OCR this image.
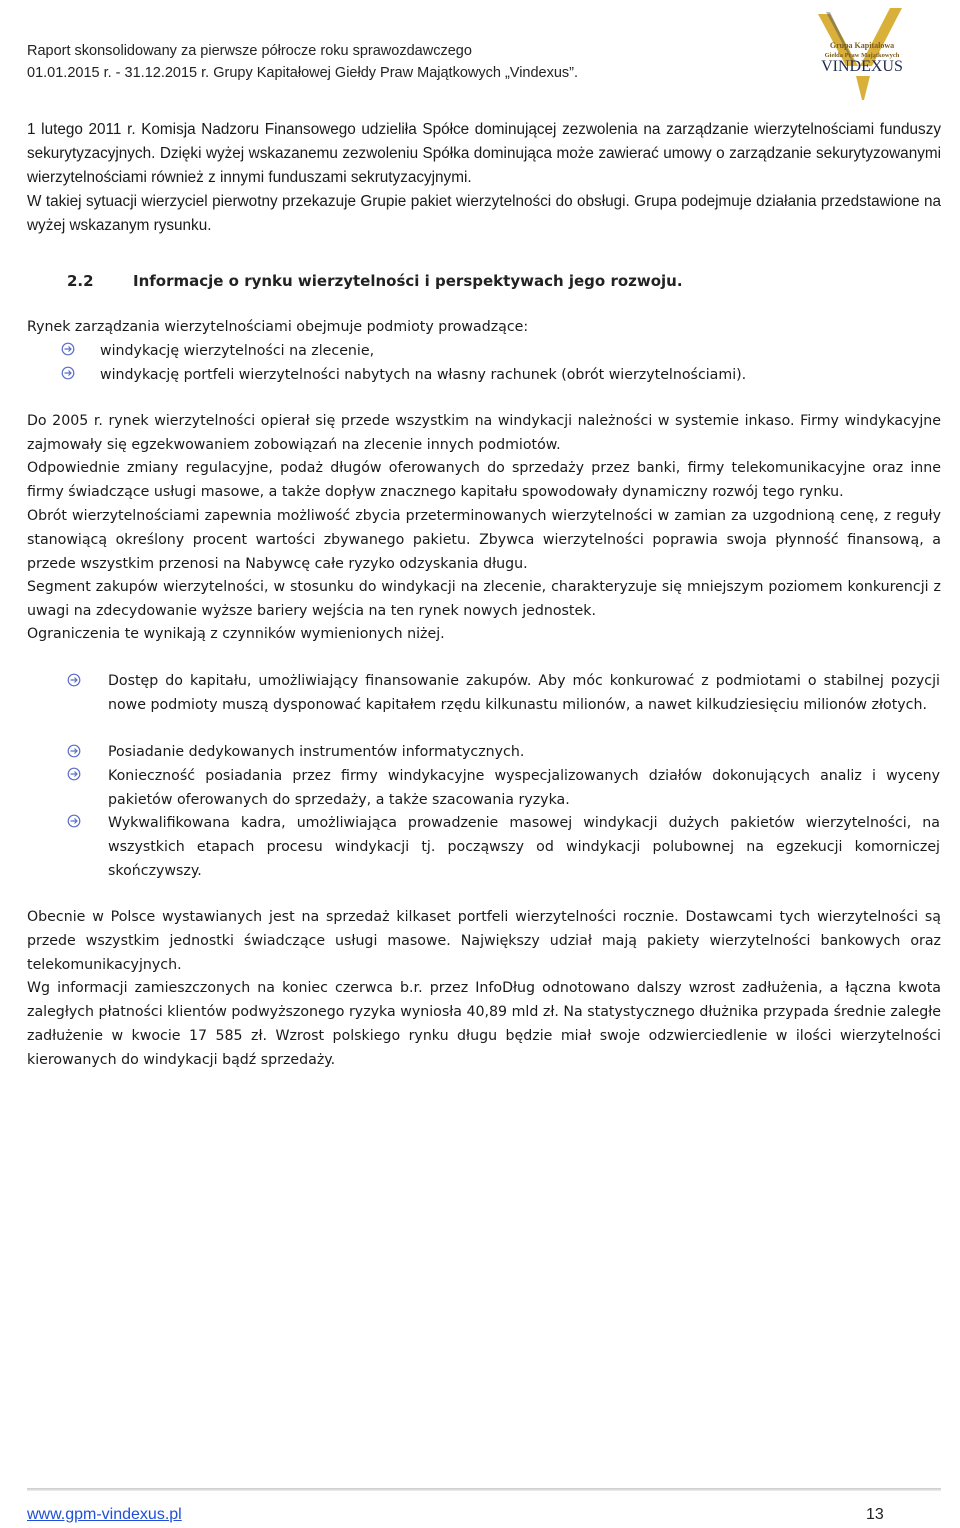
Raport skonsolidowany za pierwsze półrocze roku sprawozdawczego
01.01.2015 r. - 31.12.2015 r. Grupy Kapitałowej Giełdy Praw Majątkowych „Vindexus”.
Grupa Kapitałowa
Giełda Praw Majątkowych
VINDEXUS
1 lutego 2011 r. Komisja Nadzoru Finansowego udzieliła Spółce dominującej zezwolenia na zarządzanie wierzytelnościami funduszy sekurytyzacyjnych. Dzięki wyżej wskazanemu zezwoleniu Spółka dominująca może zawierać umowy o zarządzanie sekurytyzowanymi wierzytelnościami również z innymi funduszami sekrutyzacyjnymi.
W takiej sytuacji wierzyciel pierwotny przekazuje Grupie pakiet wierzytelności do obsługi. Grupa podejmuje działania przedstawione na wyżej wskazanym rysunku.
2.2	Informacje o rynku wierzytelności i perspektywach jego rozwoju.
Rynek zarządzania wierzytelnościami obejmuje podmioty prowadzące:
windykację wierzytelności na zlecenie,
windykację portfeli wierzytelności nabytych na własny rachunek (obrót wierzytelnościami).
Do 2005 r. rynek wierzytelności opierał się przede wszystkim na windykacji należności w systemie inkaso. Firmy windykacyjne zajmowały się egzekwowaniem zobowiązań na zlecenie innych podmiotów.
Odpowiednie zmiany regulacyjne, podaż długów oferowanych do sprzedaży przez banki, firmy telekomunikacyjne oraz inne firmy świadczące usługi masowe, a także dopływ znacznego kapitału spowodowały dynamiczny rozwój tego rynku.
Obrót wierzytelnościami zapewnia możliwość zbycia przeterminowanych wierzytelności w zamian za uzgodnioną cenę, z reguły stanowiącą określony procent wartości zbywanego pakietu. Zbywca wierzytelności poprawia swoja płynność finansową, a przede wszystkim przenosi na Nabywcę całe ryzyko odzyskania długu.
Segment zakupów wierzytelności, w stosunku do windykacji na zlecenie, charakteryzuje się mniejszym poziomem konkurencji z uwagi na zdecydowanie wyższe bariery wejścia na ten rynek nowych jednostek.
Ograniczenia te wynikają z czynników wymienionych niżej.
Dostęp do kapitału, umożliwiający finansowanie zakupów. Aby móc konkurować z podmiotami o stabilnej pozycji nowe podmioty muszą dysponować kapitałem rzędu kilkunastu milionów, a nawet kilkudziesięciu milionów złotych.
Posiadanie dedykowanych instrumentów informatycznych.
Konieczność posiadania przez firmy windykacyjne wyspecjalizowanych działów dokonujących analiz i wyceny pakietów oferowanych do sprzedaży, a także szacowania ryzyka.
Wykwalifikowana kadra, umożliwiająca prowadzenie masowej windykacji dużych pakietów wierzytelności, na wszystkich etapach procesu windykacji tj. począwszy od windykacji polubownej na egzekucji komorniczej skończywszy.
Obecnie w Polsce wystawianych jest na sprzedaż kilkaset portfeli wierzytelności rocznie. Dostawcami tych wierzytelności są przede wszystkim jednostki świadczące usługi masowe. Największy udział mają pakiety wierzytelności bankowych oraz telekomunikacyjnych.
Wg informacji zamieszczonych na koniec czerwca b.r. przez InfoDług odnotowano dalszy wzrost zadłużenia, a łączna kwota zaległych płatności klientów podwyższonego ryzyka wyniosła 40,89 mld zł. Na statystycznego dłużnika przypada średnie zaległe zadłużenie w kwocie 17 585 zł. Wzrost polskiego rynku długu będzie miał swoje odzwierciedlenie w ilości wierzytelności kierowanych do windykacji bądź sprzedaży.
www.gpm-vindexus.pl	13
